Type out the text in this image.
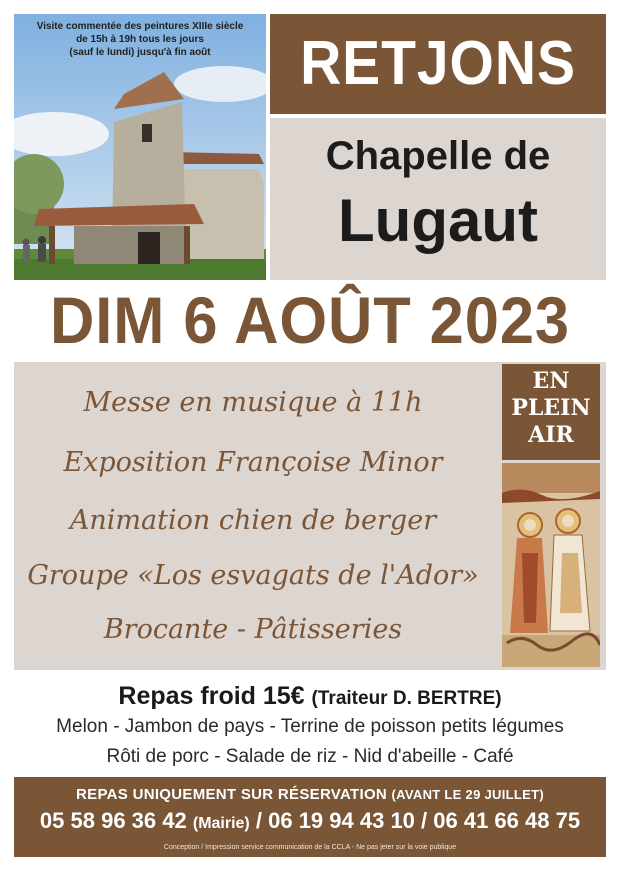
Visite commentée des peintures XIIIe siècle
de 15h à 19h tous les jours
(sauf le lundi) jusqu'à fin août	RETJONS
Chapelle de
Lugaut
DIM 6 AOÛT 2023
Messe en musique à 11h
Exposition Françoise Minor
Animation chien de berger
Groupe «Los esvagats de l'Ador»
Brocante - Pâtisseries
EN
PLEIN
AIR
Repas froid 15€ (Traiteur D. BERTRE)
Melon - Jambon de pays - Terrine de poisson petits légumes
Rôti de porc - Salade de riz - Nid d'abeille - Café
REPAS UNIQUEMENT SUR RÉSERVATION (AVANT LE 29 JUILLET)
05 58 96 36 42 (Mairie) / 06 19 94 43 10 / 06 41 66 48 75
Conception / Impression service communication de la CCLA - Ne pas jeter sur la voie publique
